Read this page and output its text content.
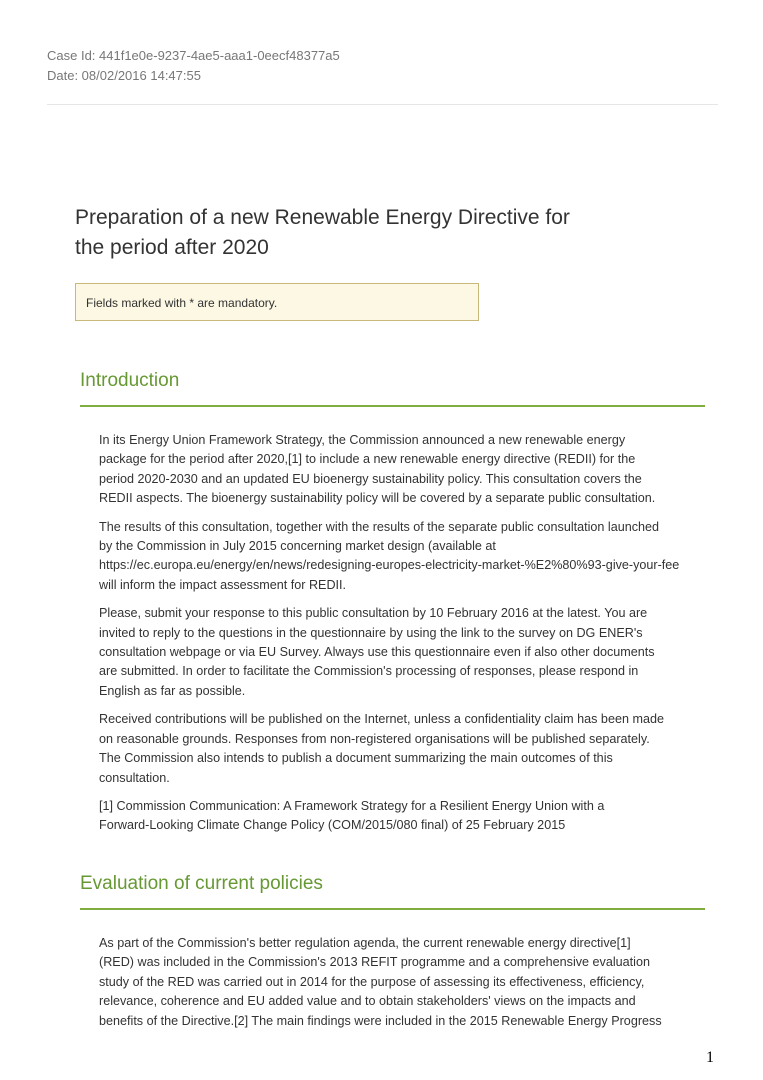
Case Id: 441f1e0e-9237-4ae5-aaa1-0eecf48377a5
Date: 08/02/2016 14:47:55
Preparation of a new Renewable Energy Directive for
the period after 2020
Fields marked with * are mandatory.
Introduction

In its Energy Union Framework Strategy, the Commission announced a new renewable energy
package for the period after 2020,[1] to include a new renewable energy directive (REDII) for the
period 2020-2030 and an updated EU bioenergy sustainability policy. This consultation covers the
REDII aspects. The bioenergy sustainability policy will be covered by a separate public consultation.

The results of this consultation, together with the results of the separate public consultation launched
by the Commission in July 2015 concerning market design (available at
https://ec.europa.eu/energy/en/news/redesigning-europes-electricity-market-%E2%80%93-give-your-fee
will inform the impact assessment for REDII.

Please, submit your response to this public consultation by 10 February 2016 at the latest. You are
invited to reply to the questions in the questionnaire by using the link to the survey on DG ENER's
consultation webpage or via EU Survey. Always use this questionnaire even if also other documents
are submitted. In order to facilitate the Commission's processing of responses, please respond in
English as far as possible.

Received contributions will be published on the Internet, unless a confidentiality claim has been made
on reasonable grounds. Responses from non-registered organisations will be published separately.
The Commission also intends to publish a document summarizing the main outcomes of this
consultation.

[1] Commission Communication: A Framework Strategy for a Resilient Energy Union with a
Forward-Looking Climate Change Policy (COM/2015/080 final) of 25 February 2015

Evaluation of current policies

As part of the Commission's better regulation agenda, the current renewable energy directive[1]
(RED) was included in the Commission's 2013 REFIT programme and a comprehensive evaluation
study of the RED was carried out in 2014 for the purpose of assessing its effectiveness, efficiency,
relevance, coherence and EU added value and to obtain stakeholders' views on the impacts and
benefits of the Directive.[2] The main findings were included in the 2015 Renewable Energy Progress

1
